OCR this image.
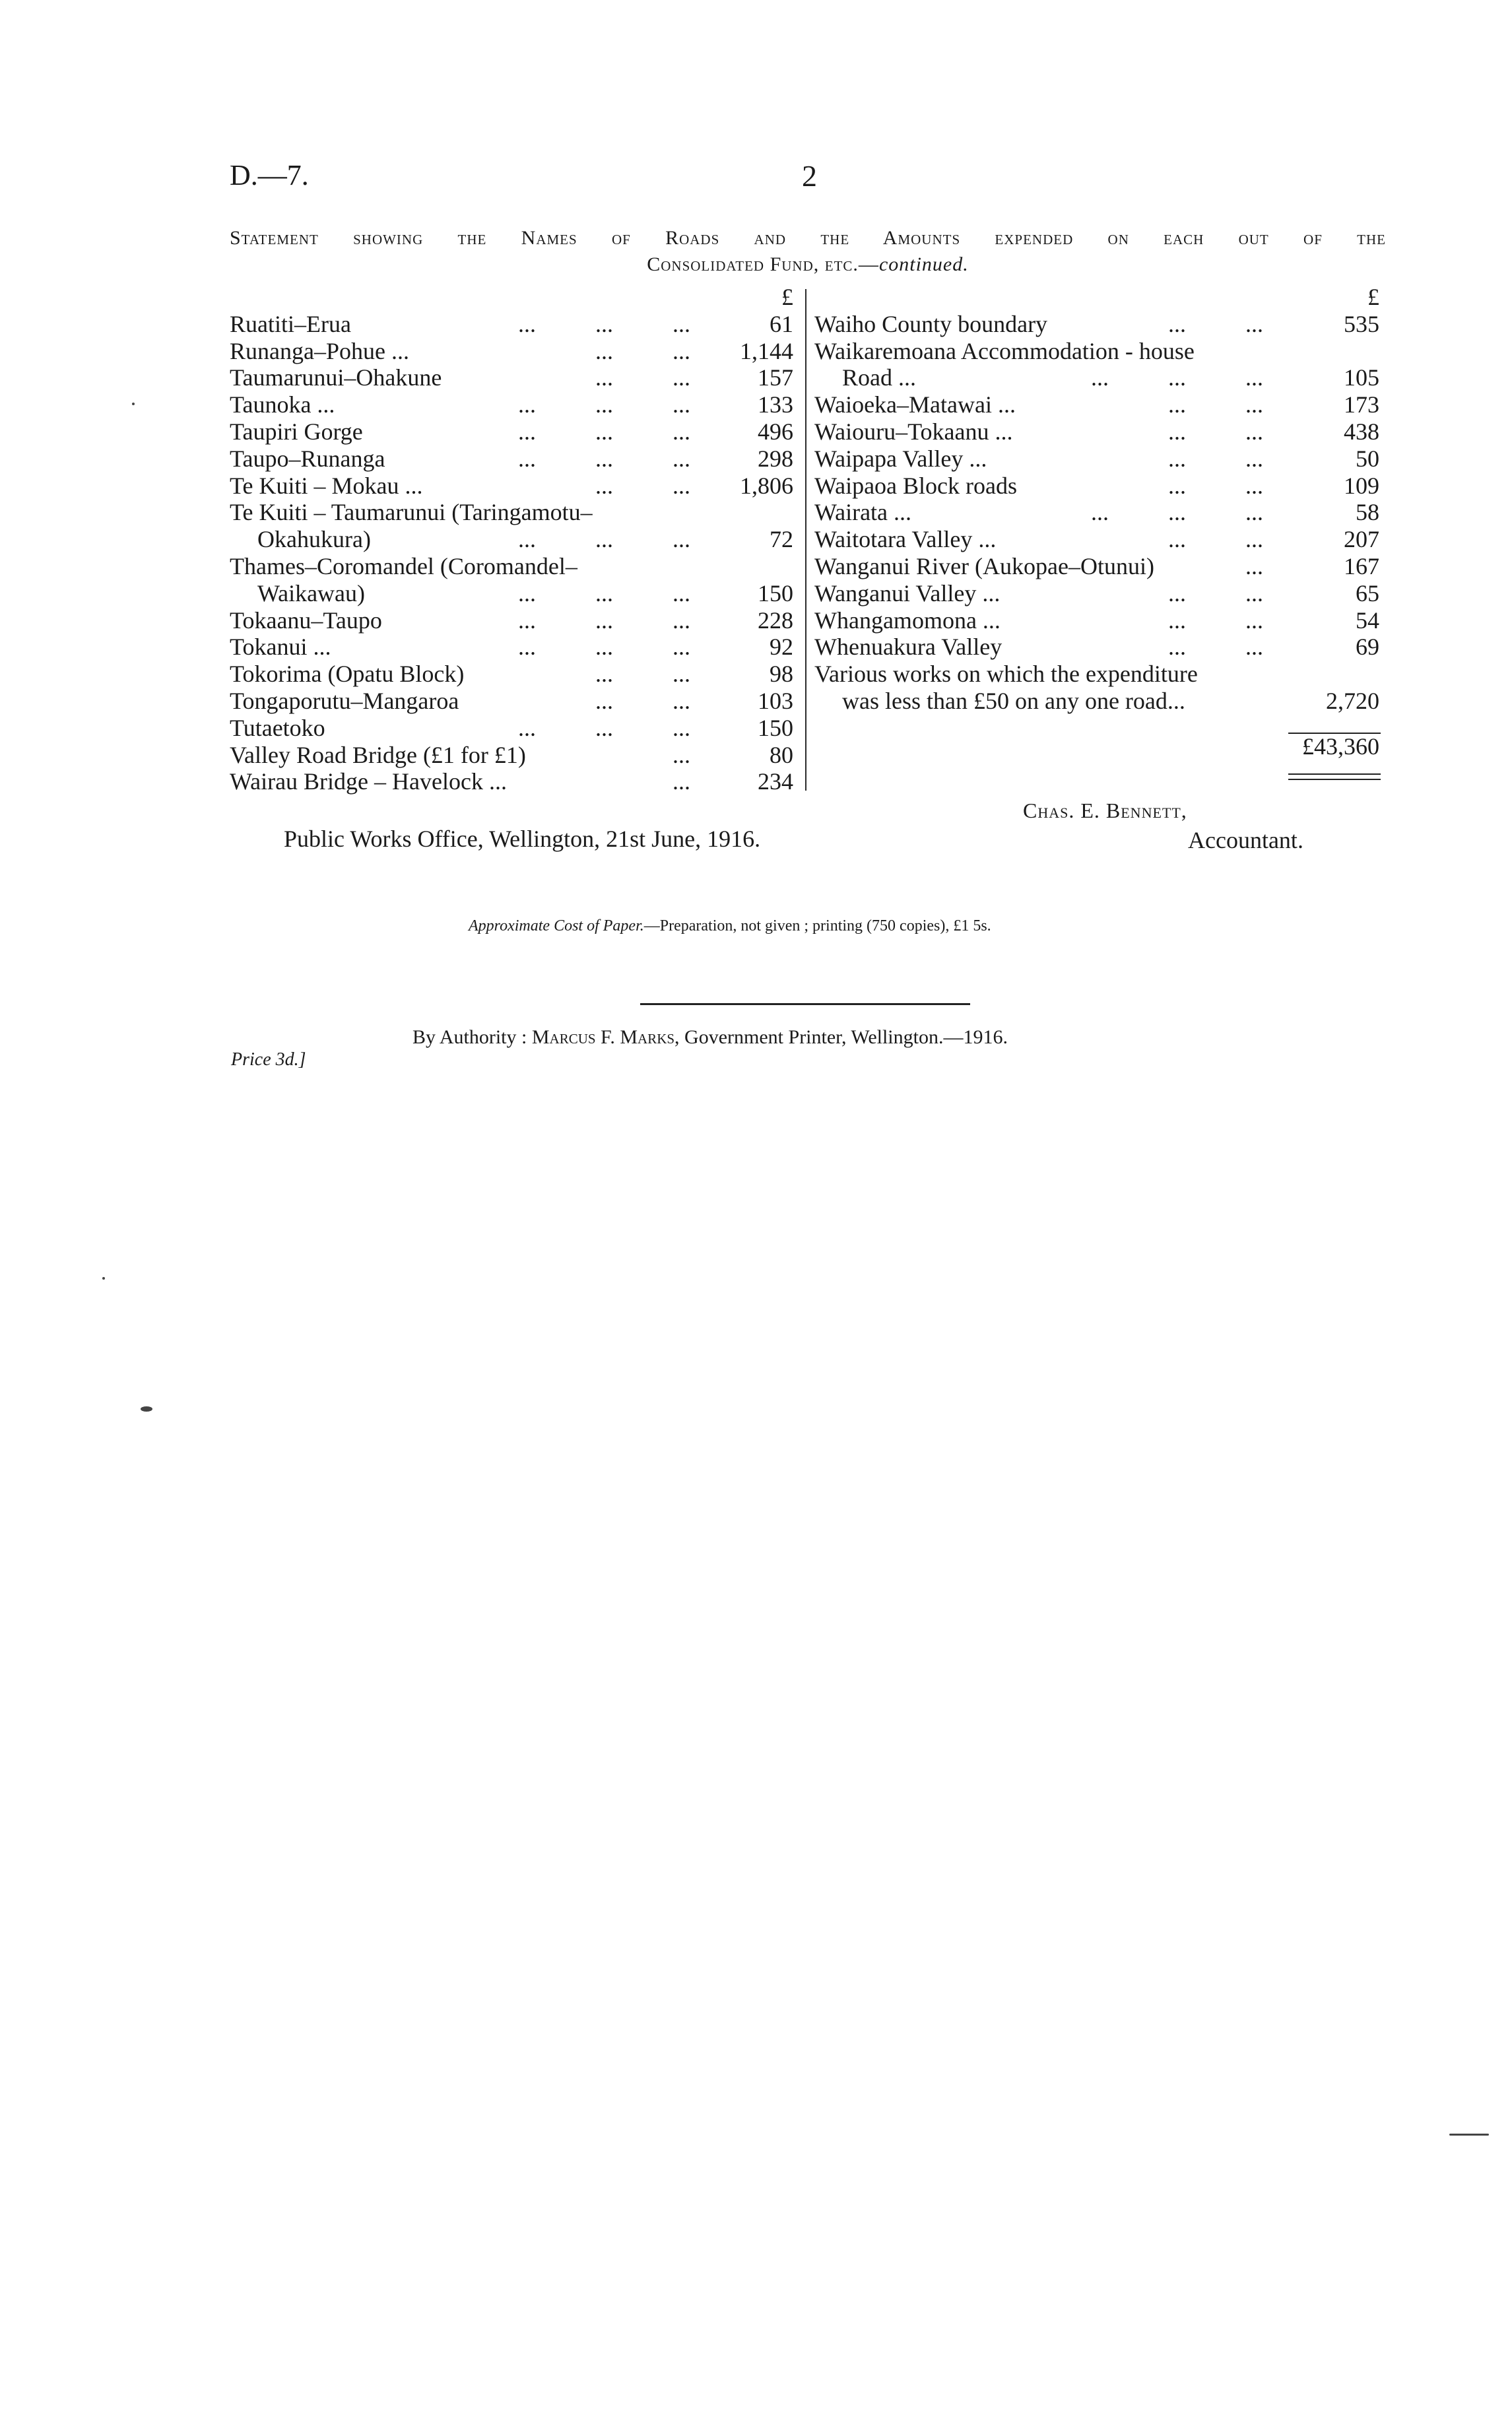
D.—7.	2
Statement showing the Names of Roads and the Amounts expended on each out of the
Consolidated Fund, etc.—continued.
£
Ruatiti–Erua	...          ...          ...	61
Runanga–Pohue ...	...          ... 1,144
Taumarunui–Ohakune	...          ...	157
Taunoka ...	...          ...          ...	133
Taupiri Gorge	...          ...          ...	496
Taupo–Runanga	...          ...          ...	298
Te Kuiti – Mokau ...	...          ... 1,806
Te Kuiti – Taumarunui (Taringamotu–
Okahukura)	...          ...          ...	72
Thames–Coromandel (Coromandel–
Waikawau)	...          ...          ...	150
Tokaanu–Taupo	...          ...          ...	228
Tokanui ...	...          ...          ...	92
Tokorima (Opatu Block)	...          ...	98
Tongaporutu–Mangaroa	...          ...	103
Tutaetoko	...          ...          ...	150
Valley Road Bridge (£1 for £1)	...	80
Wairau Bridge – Havelock ...	...	234
£
Waiho County boundary	...          ...	535
Waikaremoana Accommodation - house
Road ...	...          ...          ...	105
Waioeka–Matawai ...	...          ...	173
Waiouru–Tokaanu ...	...          ...	438
Waipapa Valley ...	...          ...	50
Waipaoa Block roads	...          ...	109
Wairata ...	...          ...          ...	58
Waitotara Valley ...	...          ...	207
Wanganui River (Aukopae–Otunui)	...	167
Wanganui Valley ...	...          ...	65
Whangamomona ...	...          ...	54
Whenuakura Valley	...          ...	69
Various works on which the expenditure
was less than £50 on any one road...	2,720
£43,360
Chas. E. Bennett,
Accountant.
Public Works Office, Wellington, 21st June, 1916.
Approximate Cost of Paper.—Preparation, not given ; printing (750 copies), £1 5s.
By Authority : Marcus F. Marks, Government Printer, Wellington.—1916.
Price 3d.]
